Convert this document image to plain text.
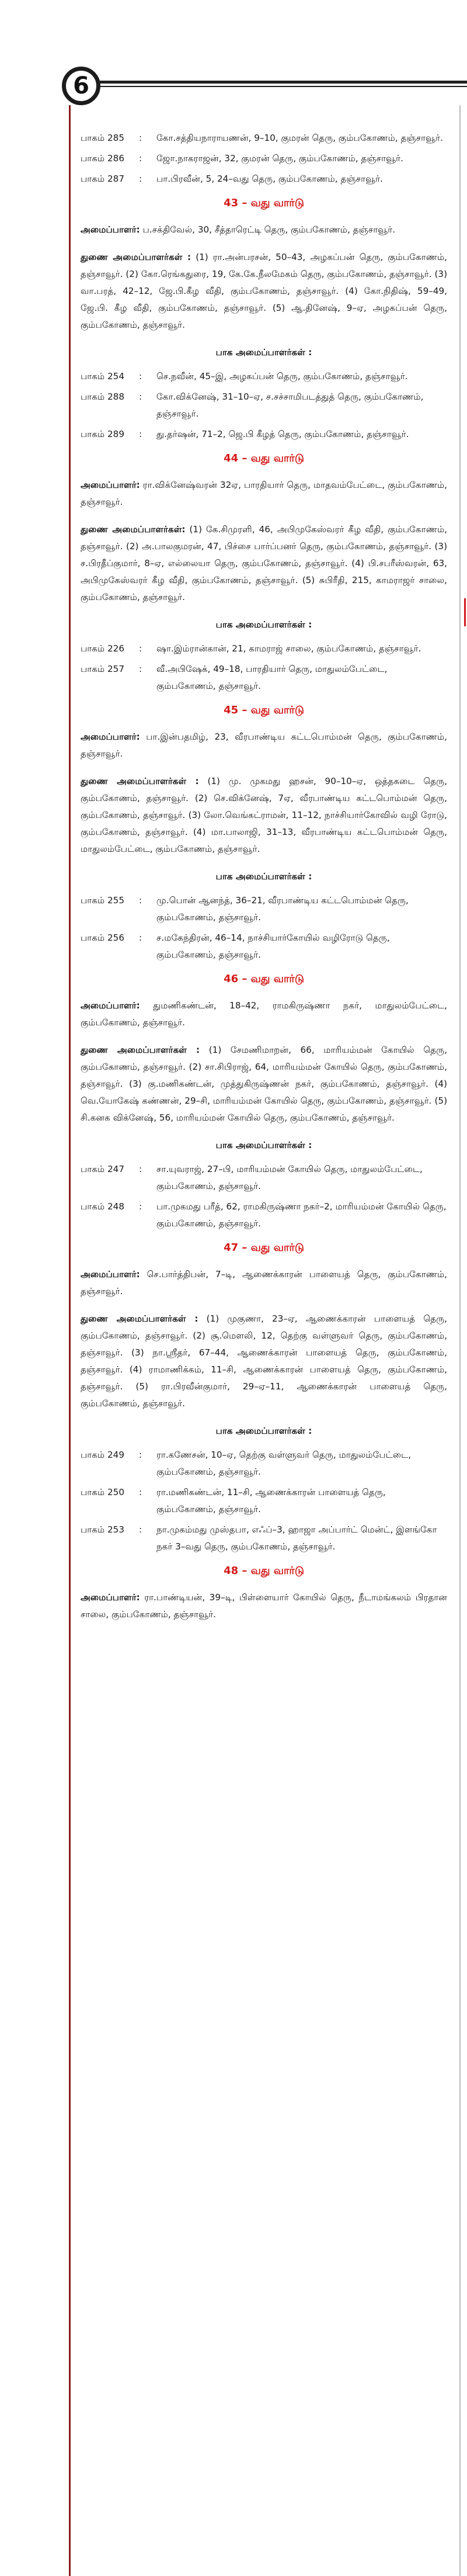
6
பாகம் 285	:	கோ.சத்தியநாராயணன், 9–10, குமரன் தெரு, கும்பகோணம், தஞ்சாவூர்.
பாகம் 286	:	ஜோ.நாகராஜன், 32, குமரன் தெரு, கும்பகோணம், தஞ்சாவூர்.
பாகம் 287	:	பா.பிரவீன், 5, 24–வது தெரு, கும்பகோணம், தஞ்சாவூர்.
43 – வது வார்டு
அமைப்பாளர்: ப.சக்திவேல், 30, சீத்தாரெட்டி தெரு, கும்பகோணம், தஞ்சாவூர்.
துணை அமைப்பாளர்கள் : (1) ரா.அன்பரசன், 50–43, அழகப்பன் தெரு, கும்பகோணம், தஞ்சாவூர். (2) கோ.ரெங்கதுரை, 19, கே.கே.நீலமேகம் தெரு, கும்பகோணம், தஞ்சாவூர். (3) வா.பரத், 42–12, ஜே.பி.கீழ வீதி, கும்பகோணம், தஞ்சாவூர். (4) கோ.நிதிஷ், 59–49, ஜே.பி. கீழ வீதி, கும்பகோணம், தஞ்சாவூர். (5) ஆ.தினேஷ், 9–ஏ, அழகப்பன் தெரு, கும்பகோணம், தஞ்சாவூர்.
பாக அமைப்பாளர்கள் :
பாகம் 254	:	செ.நவீன், 45–இ, அழகப்பன் தெரு, கும்பகோணம், தஞ்சாவூர்.
பாகம் 288	:	கோ.விக்னேஷ், 31–10–ஏ, ச.சச்சாமிபடத்துத் தெரு, கும்பகோணம், தஞ்சாவூர்.
பாகம் 289	:	து.தர்ஷன், 71–2, ஜெ.பி கீழத் தெரு, கும்பகோணம், தஞ்சாவூர்.
44 – வது வார்டு
அமைப்பாளர்: ரா.விக்னேஷ்வரன் 32ஏ, பாரதியார் தெரு, மாதவம்பேட்டை, கும்பகோணம், தஞ்சாவூர்.
துணை அமைப்பாளர்கள்: (1) கே.சிமுரளி, 46, அபிமுகேஸ்வரர் கீழ வீதி, கும்பகோணம், தஞ்சாவூர். (2) அ.பாலகுமரன், 47, பிச்சை பார்ப்பனர் தெரு, கும்பகோணம், தஞ்சாவூர். (3) ச.பிரதீப்குமார், 8–ஏ, எல்லையா தெரு, கும்பகோணம், தஞ்சாவூர். (4) பி.சபரீஸ்வரன், 63, அபிமுகேஸ்வரர் கீழ வீதி, கும்பகோணம், தஞ்சாவூர். (5) சுபிரீதி, 215, காமராஜர் சாலை, கும்பகோணம், தஞ்சாவூர்.
பாக அமைப்பாளர்கள் :
பாகம் 226	:	ஷா.இம்ரான்கான், 21, காமராஜ் சாலை, கும்பகோணம், தஞ்சாவூர்.
பாகம் 257	:	வீ.அபிஷேக், 49–18, பாரதியார் தெரு, மாதுலம்பேட்டை, கும்பகோணம், தஞ்சாவூர்.
45 – வது வார்டு
அமைப்பாளர்: பா.இன்பதமிழ், 23, வீரபாண்டிய கட்டபொம்மன் தெரு, கும்பகோணம், தஞ்சாவூர்.
துணை அமைப்பாளர்கள் : (1) மு. முகமது ஹசன், 90–10–ஏ, ஒத்தகடை தெரு, கும்பகோணம், தஞ்சாவூர். (2) செ.விக்னேஷ், 7ஏ, வீரபாண்டிய கட்டபொம்மன் தெரு, கும்பகோணம், தஞ்சாவூர். (3) லோ.வெங்கட்ராமன், 11–12, நாச்சியார்கோவில் வழி ரோடு, கும்பகோணம், தஞ்சாவூர். (4) மா.பாலாஜி, 31–13, வீரபாண்டிய கட்டபொம்மன் தெரு, மாதுலம்பேட்டை, கும்பகோணம், தஞ்சாவூர்.
பாக அமைப்பாளர்கள் :
பாகம் 255	:	மு.பொன் ஆனந்த், 36–21, வீரபாண்டிய கட்டபொம்மன் தெரு, கும்பகோணம், தஞ்சாவூர்.
பாகம் 256	:	ச.மகேந்திரன், 46–14, நாச்சியார்கோயில் வழிரோடு தெரு, கும்பகோணம், தஞ்சாவூர்.
46 – வது வார்டு
அமைப்பாளர்: துமணிகண்டன், 18–42, ராமகிருஷ்ணா நகர், மாதுலம்பேட்டை, கும்பகோணம், தஞ்சாவூர்.
துணை அமைப்பாளர்கள் : (1) சேமணிமாறன், 66, மாரியம்மன் கோயில் தெரு, கும்பகோணம், தஞ்சாவூர். (2) சா.சிபிராஜ், 64, மாரியம்மன் கோயில் தெரு, கும்பகோணம், தஞ்சாவூர். (3) கு.மணிகண்டன், முத்துகிருஷ்ணன் நகர், கும்பகோணம், தஞ்சாவூர். (4) வெ.யோகேஷ் கண்ணன், 29–சி, மாரியம்மன் கோயில் தெரு, கும்பகோணம், தஞ்சாவூர். (5) சி.கனக விக்னேஷ், 56, மாரியம்மன் கோயில் தெரு, கும்பகோணம், தஞ்சாவூர்.
பாக அமைப்பாளர்கள் :
பாகம் 247	:	சா.யுவராஜ், 27–பி, மாரியம்மன் கோயில் தெரு, மாதுலம்பேட்டை, கும்பகோணம், தஞ்சாவூர்.
பாகம் 248	:	பா.முகமது பரீத், 62, ராமகிருஷ்ணா நகர்–2, மாரியம்மன் கோயில் தெரு, கும்பகோணம், தஞ்சாவூர்.
47 – வது வார்டு
அமைப்பாளர்: செ.பார்த்திபன், 7–டி, ஆணைக்காரன் பாளையத் தெரு, கும்பகோணம், தஞ்சாவூர்.
துணை அமைப்பாளர்கள் : (1) முகுணா, 23–ஏ, ஆணைக்காரன் பாளையத் தெரு, கும்பகோணம், தஞ்சாவூர். (2) சூ.மெளலி, 12, தெற்கு வள்ளுவர் தெரு, கும்பகோணம், தஞ்சாவூர். (3) நா.ஸ்ரீதர், 67–44, ஆணைக்காரன் பாளையத் தெரு, கும்பகோணம், தஞ்சாவூர். (4) ராமாணிக்கம், 11–சி, ஆணைக்காரன் பாளையத் தெரு, கும்பகோணம், தஞ்சாவூர். (5) ரா.பிரவீன்குமார், 29–ஏ–11, ஆணைக்காரன் பாளையத் தெரு, கும்பகோணம், தஞ்சாவூர்.
பாக அமைப்பாளர்கள் :
பாகம் 249	:	ரா.கணேசன், 10–ஏ, தெற்கு வள்ளுவர் தெரு, மாதுலம்பேட்டை, கும்பகோணம், தஞ்சாவூர்.
பாகம் 250	:	ரா.மணிகண்டன், 11–சி, ஆணைக்காரன் பாளையத் தெரு, கும்பகோணம், தஞ்சாவூர்.
பாகம் 253	:	நா.முகம்மது முஸ்தபா, எஃப்–3, ஹாஜா அப்பார்ட் மென்ட், இளங்கோ நகர் 3–வது தெரு, கும்பகோணம், தஞ்சாவூர்.
48 – வது வார்டு
அமைப்பாளர்: ரா.பாண்டியன், 39–டி, பிள்ளையார் கோயில் தெரு, நீடாமங்கலம் பிரதான சாலை, கும்பகோணம், தஞ்சாவூர்.
